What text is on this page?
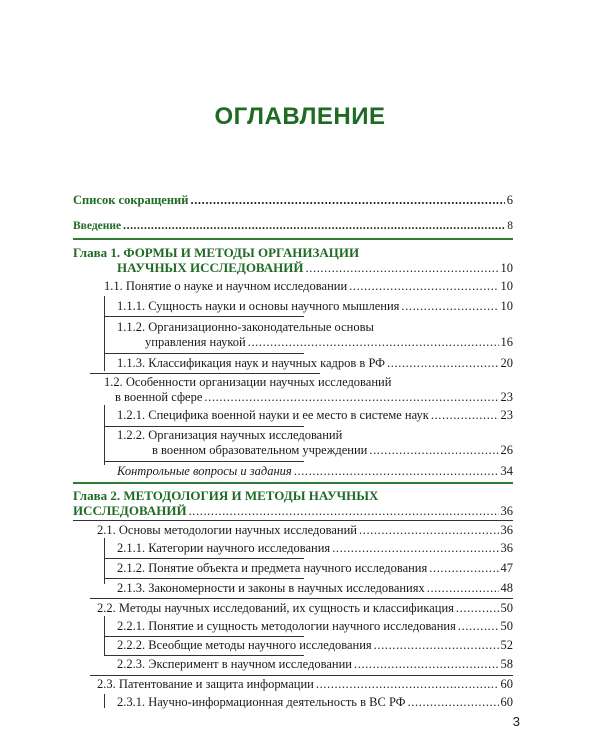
ОГЛАВЛЕНИЕ
Список сокращений .....	6
Введение .....	8
Глава 1. ФОРМЫ И МЕТОДЫ ОРГАНИЗАЦИИ
НАУЧНЫХ ИССЛЕДОВАНИЙ .....	10
1.1. Понятие о науке и научном исследовании .....	10
1.1.1. Сущность науки и основы научного мышления .....	10
1.1.2. Организационно-законодательные основы
управления наукой .....	16
1.1.3. Классификация наук и научных кадров в РФ .....	20
1.2. Особенности организации научных исследований
в военной сфере .....	23
1.2.1. Специфика военной науки и ее место в системе наук .....	23
1.2.2. Организация научных исследований
в военном образовательном учреждении .....	26
Контрольные вопросы и задания .....	34
Глава 2. МЕТОДОЛОГИЯ И МЕТОДЫ НАУЧНЫХ
ИССЛЕДОВАНИЙ .....	36
2.1. Основы методологии научных исследований .....	36
2.1.1. Категории научного исследования .....	36
2.1.2. Понятие объекта и предмета научного исследования .....	47
2.1.3. Закономерности и законы в научных исследованиях .....	48
2.2. Методы научных исследований, их сущность и классификация .....	50
2.2.1. Понятие и сущность методологии научного исследования .....	50
2.2.2. Всеобщие методы научного исследования .....	52
2.2.3. Эксперимент в научном исследовании .....	58
2.3. Патентование и защита информации .....	60
2.3.1. Научно-информационная деятельность в ВС РФ .....	60
3
